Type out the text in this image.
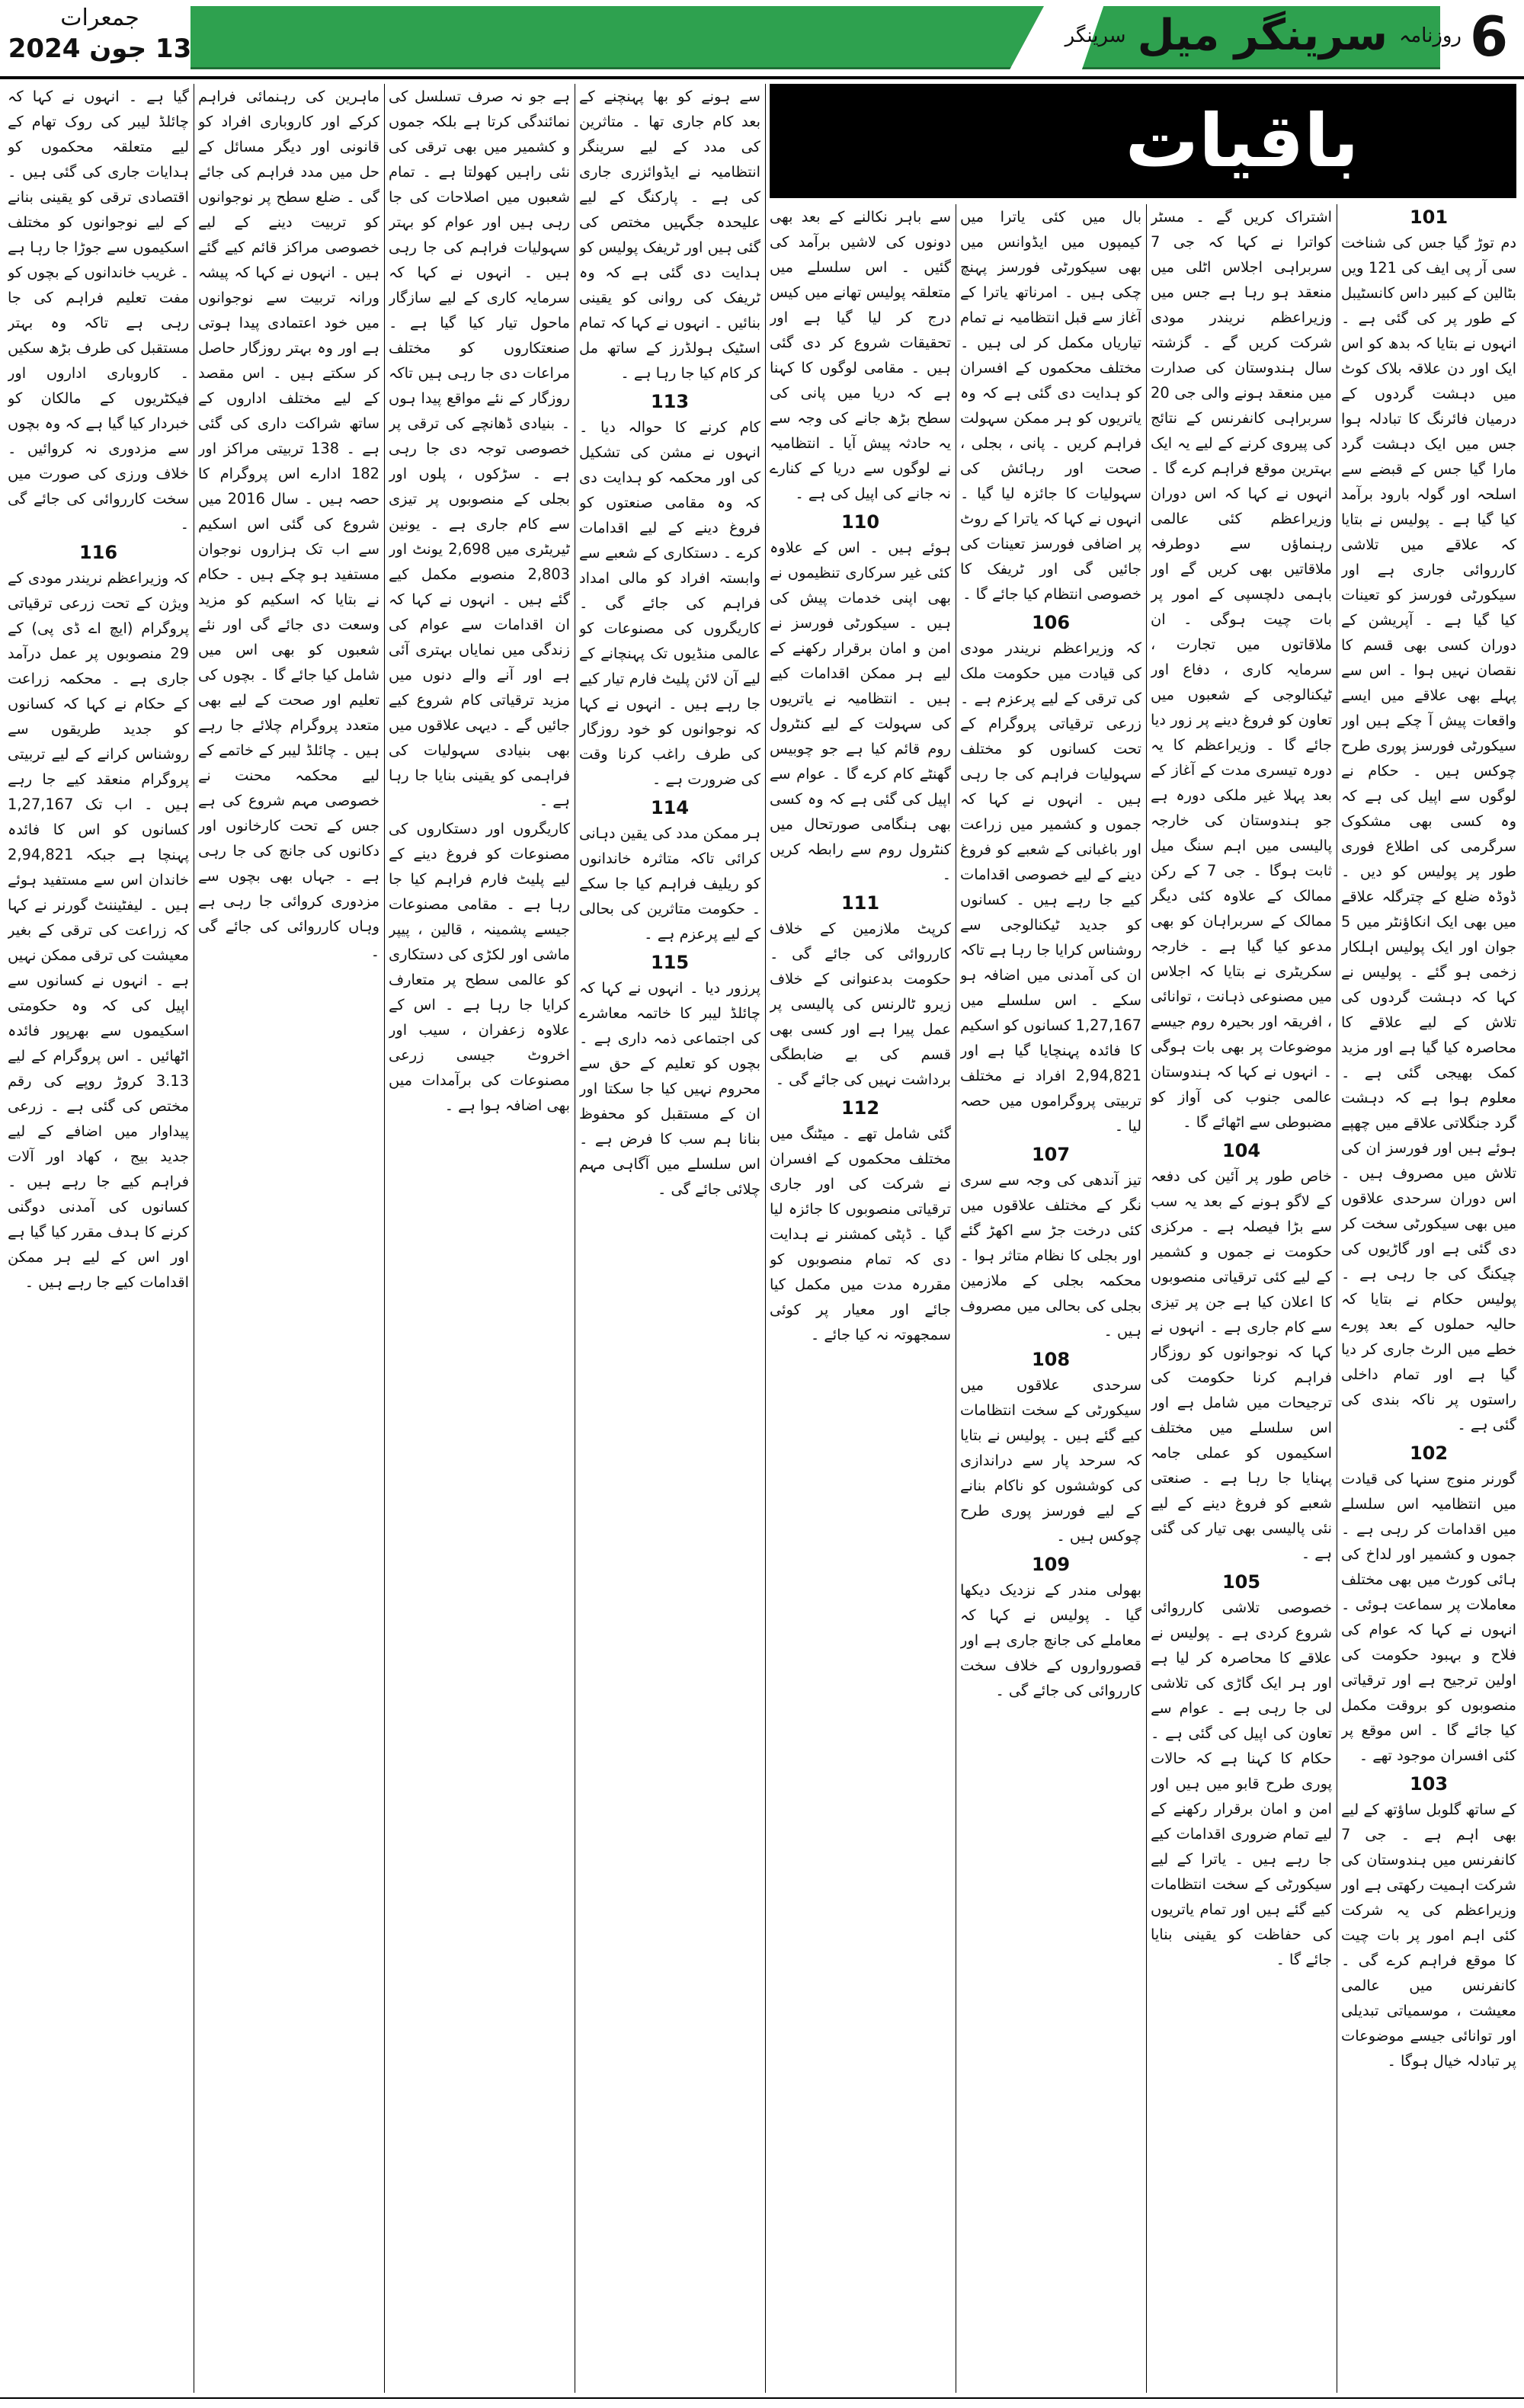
6
روزنامہ سرینگر میل سرینگر
جمعرات
13 جون 2024
باقیات
101

دم توڑ گیا جس کی شناخت سی آر پی ایف کی 121 ویں بٹالین کے کبیر داس کانسٹیبل کے طور پر کی گئی ہے ۔ انہوں نے بتایا کہ بدھ کو اس ایک اور دن علاقہ بلاک کوٹ میں دہشت گردوں کے درمیان فائرنگ کا تبادلہ ہوا جس میں ایک دہشت گرد مارا گیا جس کے قبضے سے اسلحہ اور گولہ بارود برآمد کیا گیا ہے ۔ پولیس نے بتایا کہ علاقے میں تلاشی کارروائی جاری ہے اور سیکورٹی فورسز کو تعینات کیا گیا ہے ۔ آپریشن کے دوران کسی بھی قسم کا نقصان نہیں ہوا ۔ اس سے پہلے بھی علاقے میں ایسے واقعات پیش آ چکے ہیں اور سیکورٹی فورسز پوری طرح چوکس ہیں ۔ حکام نے لوگوں سے اپیل کی ہے کہ وہ کسی بھی مشکوک سرگرمی کی اطلاع فوری طور پر پولیس کو دیں ۔ ڈوڈہ ضلع کے چترگلہ علاقے میں بھی ایک انکاؤنٹر میں 5 جوان اور ایک پولیس اہلکار زخمی ہو گئے ۔ پولیس نے کہا کہ دہشت گردوں کی تلاش کے لیے علاقے کا محاصرہ کیا گیا ہے اور مزید کمک بھیجی گئی ہے ۔ معلوم ہوا ہے کہ دہشت گرد جنگلاتی علاقے میں چھپے ہوئے ہیں اور فورسز ان کی تلاش میں مصروف ہیں ۔ اس دوران سرحدی علاقوں میں بھی سیکورٹی سخت کر دی گئی ہے اور گاڑیوں کی چیکنگ کی جا رہی ہے ۔ پولیس حکام نے بتایا کہ حالیہ حملوں کے بعد پورے خطے میں الرٹ جاری کر دیا گیا ہے اور تمام داخلی راستوں پر ناکہ بندی کی گئی ہے ۔

102

گورنر منوج سنہا کی قیادت میں انتظامیہ اس سلسلے میں اقدامات کر رہی ہے ۔ جموں و کشمیر اور لداخ کی ہائی کورٹ میں بھی مختلف معاملات پر سماعت ہوئی ۔ انہوں نے کہا کہ عوام کی فلاح و بہبود حکومت کی اولین ترجیح ہے اور ترقیاتی منصوبوں کو بروقت مکمل کیا جائے گا ۔ اس موقع پر کئی افسران موجود تھے ۔

103

کے ساتھ گلوبل ساؤتھ کے لیے بھی اہم ہے ۔ جی 7 کانفرنس میں ہندوستان کی شرکت اہمیت رکھتی ہے اور وزیراعظم کی یہ شرکت کئی اہم امور پر بات چیت کا موقع فراہم کرے گی ۔ کانفرنس میں عالمی معیشت ، موسمیاتی تبدیلی اور توانائی جیسے موضوعات پر تبادلہ خیال ہوگا ۔

اشتراک کریں گے ۔ مسٹر کواترا نے کہا کہ جی 7 سربراہی اجلاس اٹلی میں منعقد ہو رہا ہے جس میں وزیراعظم نریندر مودی شرکت کریں گے ۔ گزشتہ سال ہندوستان کی صدارت میں منعقد ہونے والی جی 20 سربراہی کانفرنس کے نتائج کی پیروی کرنے کے لیے یہ ایک بہترین موقع فراہم کرے گا ۔ انہوں نے کہا کہ اس دوران وزیراعظم کئی عالمی رہنماؤں سے دوطرفہ ملاقاتیں بھی کریں گے اور باہمی دلچسپی کے امور پر بات چیت ہوگی ۔ ان ملاقاتوں میں تجارت ، سرمایہ کاری ، دفاع اور ٹیکنالوجی کے شعبوں میں تعاون کو فروغ دینے پر زور دیا جائے گا ۔ وزیراعظم کا یہ دورہ تیسری مدت کے آغاز کے بعد پہلا غیر ملکی دورہ ہے جو ہندوستان کی خارجہ پالیسی میں اہم سنگ میل ثابت ہوگا ۔ جی 7 کے رکن ممالک کے علاوہ کئی دیگر ممالک کے سربراہان کو بھی مدعو کیا گیا ہے ۔ خارجہ سکریٹری نے بتایا کہ اجلاس میں مصنوعی ذہانت ، توانائی ، افریقہ اور بحیرہ روم جیسے موضوعات پر بھی بات ہوگی ۔ انہوں نے کہا کہ ہندوستان عالمی جنوب کی آواز کو مضبوطی سے اٹھائے گا ۔

104

خاص طور پر آئین کی دفعہ کے لاگو ہونے کے بعد یہ سب سے بڑا فیصلہ ہے ۔ مرکزی حکومت نے جموں و کشمیر کے لیے کئی ترقیاتی منصوبوں کا اعلان کیا ہے جن پر تیزی سے کام جاری ہے ۔ انہوں نے کہا کہ نوجوانوں کو روزگار فراہم کرنا حکومت کی ترجیحات میں شامل ہے اور اس سلسلے میں مختلف اسکیموں کو عملی جامہ پہنایا جا رہا ہے ۔ صنعتی شعبے کو فروغ دینے کے لیے نئی پالیسی بھی تیار کی گئی ہے ۔

105

خصوصی تلاشی کارروائی شروع کردی ہے ۔ پولیس نے علاقے کا محاصرہ کر لیا ہے اور ہر ایک گاڑی کی تلاشی لی جا رہی ہے ۔ عوام سے تعاون کی اپیل کی گئی ہے ۔ حکام کا کہنا ہے کہ حالات پوری طرح قابو میں ہیں اور امن و امان برقرار رکھنے کے لیے تمام ضروری اقدامات کیے جا رہے ہیں ۔ یاترا کے لیے سیکورٹی کے سخت انتظامات کیے گئے ہیں اور تمام یاتریوں کی حفاظت کو یقینی بنایا جائے گا ۔

بال میں کئی یاترا میں کیمپوں میں ایڈوانس میں بھی سیکورٹی فورسز پہنچ چکی ہیں ۔ امرناتھ یاترا کے آغاز سے قبل انتظامیہ نے تمام تیاریاں مکمل کر لی ہیں ۔ مختلف محکموں کے افسران کو ہدایت دی گئی ہے کہ وہ یاتریوں کو ہر ممکن سہولت فراہم کریں ۔ پانی ، بجلی ، صحت اور رہائش کی سہولیات کا جائزہ لیا گیا ۔ انہوں نے کہا کہ یاترا کے روٹ پر اضافی فورسز تعینات کی جائیں گی اور ٹریفک کا خصوصی انتظام کیا جائے گا ۔

106

کہ وزیراعظم نریندر مودی کی قیادت میں حکومت ملک کی ترقی کے لیے پرعزم ہے ۔ زرعی ترقیاتی پروگرام کے تحت کسانوں کو مختلف سہولیات فراہم کی جا رہی ہیں ۔ انہوں نے کہا کہ جموں و کشمیر میں زراعت اور باغبانی کے شعبے کو فروغ دینے کے لیے خصوصی اقدامات کیے جا رہے ہیں ۔ کسانوں کو جدید ٹیکنالوجی سے روشناس کرایا جا رہا ہے تاکہ ان کی آمدنی میں اضافہ ہو سکے ۔ اس سلسلے میں 1,27,167 کسانوں کو اسکیم کا فائدہ پہنچایا گیا ہے اور 2,94,821 افراد نے مختلف تربیتی پروگراموں میں حصہ لیا ۔

107

تیز آندھی کی وجہ سے سری نگر کے مختلف علاقوں میں کئی درخت جڑ سے اکھڑ گئے اور بجلی کا نظام متاثر ہوا ۔ محکمہ بجلی کے ملازمین بجلی کی بحالی میں مصروف ہیں ۔

108

سرحدی علاقوں میں سیکورٹی کے سخت انتظامات کیے گئے ہیں ۔ پولیس نے بتایا کہ سرحد پار سے دراندازی کی کوششوں کو ناکام بنانے کے لیے فورسز پوری طرح چوکس ہیں ۔

109

بھولی مندر کے نزدیک دیکھا گیا ۔ پولیس نے کہا کہ معاملے کی جانچ جاری ہے اور قصورواروں کے خلاف سخت کارروائی کی جائے گی ۔

سے باہر نکالنے کے بعد بھی دونوں کی لاشیں برآمد کی گئیں ۔ اس سلسلے میں متعلقہ پولیس تھانے میں کیس درج کر لیا گیا ہے اور تحقیقات شروع کر دی گئی ہیں ۔ مقامی لوگوں کا کہنا ہے کہ دریا میں پانی کی سطح بڑھ جانے کی وجہ سے یہ حادثہ پیش آیا ۔ انتظامیہ نے لوگوں سے دریا کے کنارے نہ جانے کی اپیل کی ہے ۔

110

ہوئے ہیں ۔ اس کے علاوہ کئی غیر سرکاری تنظیموں نے بھی اپنی خدمات پیش کی ہیں ۔ سیکورٹی فورسز نے امن و امان برقرار رکھنے کے لیے ہر ممکن اقدامات کیے ہیں ۔ انتظامیہ نے یاتریوں کی سہولت کے لیے کنٹرول روم قائم کیا ہے جو چوبیس گھنٹے کام کرے گا ۔ عوام سے اپیل کی گئی ہے کہ وہ کسی بھی ہنگامی صورتحال میں کنٹرول روم سے رابطہ کریں ۔

111

کرپٹ ملازمین کے خلاف کارروائی کی جائے گی ۔ حکومت بدعنوانی کے خلاف زیرو ٹالرنس کی پالیسی پر عمل پیرا ہے اور کسی بھی قسم کی بے ضابطگی برداشت نہیں کی جائے گی ۔

112

گئی شامل تھے ۔ میٹنگ میں مختلف محکموں کے افسران نے شرکت کی اور جاری ترقیاتی منصوبوں کا جائزہ لیا گیا ۔ ڈپٹی کمشنر نے ہدایت دی کہ تمام منصوبوں کو مقررہ مدت میں مکمل کیا جائے اور معیار پر کوئی سمجھوتہ نہ کیا جائے ۔

سے ہونے کو بھا پہنچنے کے بعد کام جاری تھا ۔ متاثرین کی مدد کے لیے سرینگر انتظامیہ نے ایڈوائزری جاری کی ہے ۔ پارکنگ کے لیے علیحدہ جگہیں مختص کی گئی ہیں اور ٹریفک پولیس کو ہدایت دی گئی ہے کہ وہ ٹریفک کی روانی کو یقینی بنائیں ۔ انہوں نے کہا کہ تمام اسٹیک ہولڈرز کے ساتھ مل کر کام کیا جا رہا ہے ۔

113

کام کرنے کا حوالہ دیا ۔ انہوں نے مشن کی تشکیل کی اور محکمہ کو ہدایت دی کہ وہ مقامی صنعتوں کو فروغ دینے کے لیے اقدامات کرے ۔ دستکاری کے شعبے سے وابستہ افراد کو مالی امداد فراہم کی جائے گی ۔ کاریگروں کی مصنوعات کو عالمی منڈیوں تک پہنچانے کے لیے آن لائن پلیٹ فارم تیار کیے جا رہے ہیں ۔ انہوں نے کہا کہ نوجوانوں کو خود روزگار کی طرف راغب کرنا وقت کی ضرورت ہے ۔

114

ہر ممکن مدد کی یقین دہانی کرائی تاکہ متاثرہ خاندانوں کو ریلیف فراہم کیا جا سکے ۔ حکومت متاثرین کی بحالی کے لیے پرعزم ہے ۔

115

پرزور دیا ۔ انہوں نے کہا کہ چائلڈ لیبر کا خاتمہ معاشرے کی اجتماعی ذمہ داری ہے ۔ بچوں کو تعلیم کے حق سے محروم نہیں کیا جا سکتا اور ان کے مستقبل کو محفوظ بنانا ہم سب کا فرض ہے ۔ اس سلسلے میں آگاہی مہم چلائی جائے گی ۔

ہے جو نہ صرف تسلسل کی نمائندگی کرتا ہے بلکہ جموں و کشمیر میں بھی ترقی کی نئی راہیں کھولتا ہے ۔ تمام شعبوں میں اصلاحات کی جا رہی ہیں اور عوام کو بہتر سہولیات فراہم کی جا رہی ہیں ۔ انہوں نے کہا کہ سرمایہ کاری کے لیے سازگار ماحول تیار کیا گیا ہے ۔ صنعتکاروں کو مختلف مراعات دی جا رہی ہیں تاکہ روزگار کے نئے مواقع پیدا ہوں ۔ بنیادی ڈھانچے کی ترقی پر خصوصی توجہ دی جا رہی ہے ۔ سڑکوں ، پلوں اور بجلی کے منصوبوں پر تیزی سے کام جاری ہے ۔ یونین ٹیریٹری میں 2,698 یونٹ اور 2,803 منصوبے مکمل کیے گئے ہیں ۔ انہوں نے کہا کہ ان اقدامات سے عوام کی زندگی میں نمایاں بہتری آئی ہے اور آنے والے دنوں میں مزید ترقیاتی کام شروع کیے جائیں گے ۔ دیہی علاقوں میں بھی بنیادی سہولیات کی فراہمی کو یقینی بنایا جا رہا ہے ۔

کاریگروں اور دستکاروں کی مصنوعات کو فروغ دینے کے لیے پلیٹ فارم فراہم کیا جا رہا ہے ۔ مقامی مصنوعات جیسے پشمینہ ، قالین ، پیپر ماشی اور لکڑی کی دستکاری کو عالمی سطح پر متعارف کرایا جا رہا ہے ۔ اس کے علاوہ زعفران ، سیب اور اخروٹ جیسی زرعی مصنوعات کی برآمدات میں بھی اضافہ ہوا ہے ۔

ماہرین کی رہنمائی فراہم کرکے اور کاروباری افراد کو قانونی اور دیگر مسائل کے حل میں مدد فراہم کی جائے گی ۔ ضلع سطح پر نوجوانوں کو تربیت دینے کے لیے خصوصی مراکز قائم کیے گئے ہیں ۔ انہوں نے کہا کہ پیشہ ورانہ تربیت سے نوجوانوں میں خود اعتمادی پیدا ہوتی ہے اور وہ بہتر روزگار حاصل کر سکتے ہیں ۔ اس مقصد کے لیے مختلف اداروں کے ساتھ شراکت داری کی گئی ہے ۔ 138 تربیتی مراکز اور 182 ادارے اس پروگرام کا حصہ ہیں ۔ سال 2016 میں شروع کی گئی اس اسکیم سے اب تک ہزاروں نوجوان مستفید ہو چکے ہیں ۔ حکام نے بتایا کہ اسکیم کو مزید وسعت دی جائے گی اور نئے شعبوں کو بھی اس میں شامل کیا جائے گا ۔ بچوں کی تعلیم اور صحت کے لیے بھی متعدد پروگرام چلائے جا رہے ہیں ۔ چائلڈ لیبر کے خاتمے کے لیے محکمہ محنت نے خصوصی مہم شروع کی ہے جس کے تحت کارخانوں اور دکانوں کی جانچ کی جا رہی ہے ۔ جہاں بھی بچوں سے مزدوری کروائی جا رہی ہے وہاں کارروائی کی جائے گی ۔

گیا ہے ۔ انہوں نے کہا کہ چائلڈ لیبر کی روک تھام کے لیے متعلقہ محکموں کو ہدایات جاری کی گئی ہیں ۔ اقتصادی ترقی کو یقینی بنانے کے لیے نوجوانوں کو مختلف اسکیموں سے جوڑا جا رہا ہے ۔ غریب خاندانوں کے بچوں کو مفت تعلیم فراہم کی جا رہی ہے تاکہ وہ بہتر مستقبل کی طرف بڑھ سکیں ۔ کاروباری اداروں اور فیکٹریوں کے مالکان کو خبردار کیا گیا ہے کہ وہ بچوں سے مزدوری نہ کروائیں ۔ خلاف ورزی کی صورت میں سخت کارروائی کی جائے گی ۔

116

کہ وزیراعظم نریندر مودی کے ویژن کے تحت زرعی ترقیاتی پروگرام (ایچ اے ڈی پی) کے 29 منصوبوں پر عمل درآمد جاری ہے ۔ محکمہ زراعت کے حکام نے کہا کہ کسانوں کو جدید طریقوں سے روشناس کرانے کے لیے تربیتی پروگرام منعقد کیے جا رہے ہیں ۔ اب تک 1,27,167 کسانوں کو اس کا فائدہ پہنچا ہے جبکہ 2,94,821 خاندان اس سے مستفید ہوئے ہیں ۔ لیفٹیننٹ گورنر نے کہا کہ زراعت کی ترقی کے بغیر معیشت کی ترقی ممکن نہیں ہے ۔ انہوں نے کسانوں سے اپیل کی کہ وہ حکومتی اسکیموں سے بھرپور فائدہ اٹھائیں ۔ اس پروگرام کے لیے 3.13 کروڑ روپے کی رقم مختص کی گئی ہے ۔ زرعی پیداوار میں اضافے کے لیے جدید بیج ، کھاد اور آلات فراہم کیے جا رہے ہیں ۔ کسانوں کی آمدنی دوگنی کرنے کا ہدف مقرر کیا گیا ہے اور اس کے لیے ہر ممکن اقدامات کیے جا رہے ہیں ۔
